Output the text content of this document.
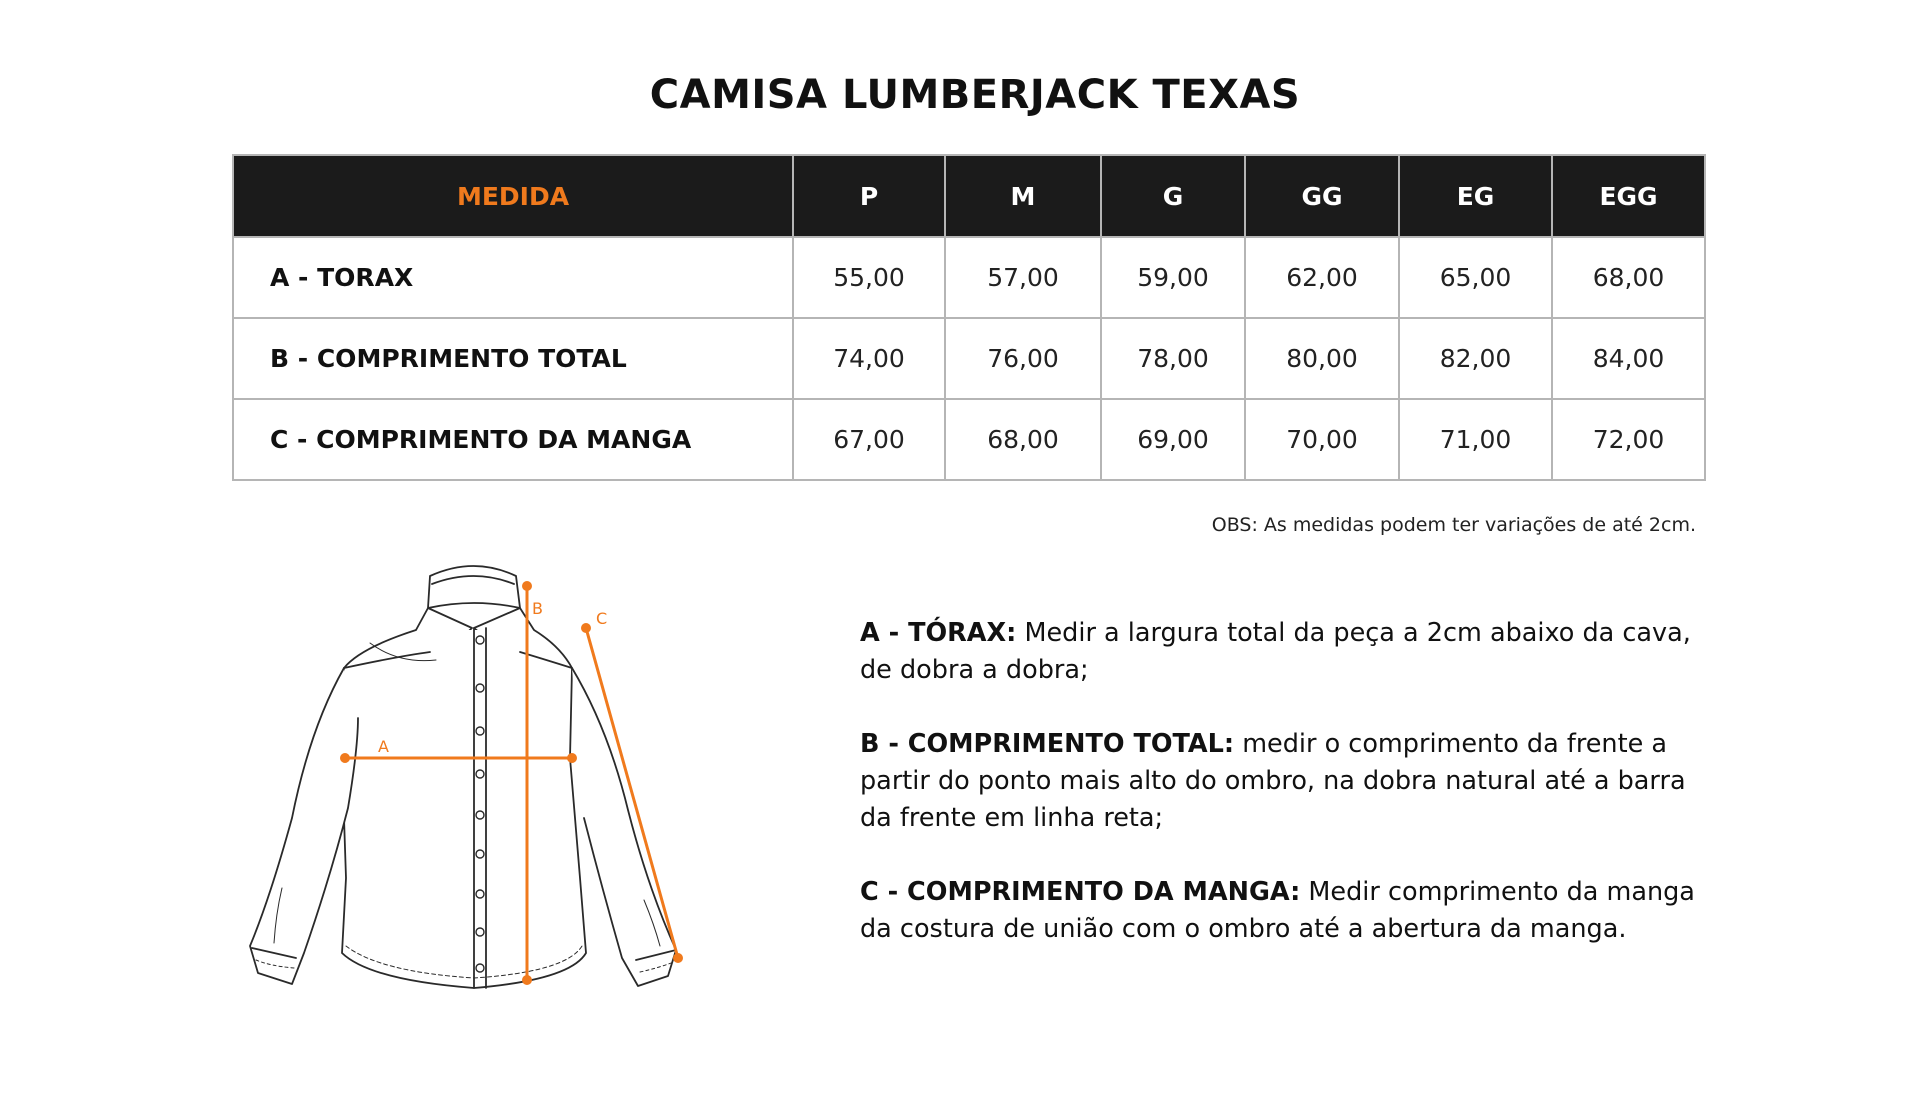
CAMISA LUMBERJACK TEXAS
MEDIDA	P	M	G	GG	EG	EGG
A - TORAX	55,00	57,00	59,00	62,00	65,00	68,00
B - COMPRIMENTO TOTAL	74,00	76,00	78,00	80,00	82,00	84,00
C - COMPRIMENTO DA MANGA	67,00	68,00	69,00	70,00	71,00	72,00
OBS: As medidas podem ter variações de até 2cm.
A
B
C	A - TÓRAX: Medir a largura total da peça a 2cm abaixo da cava, de dobra a dobra;

B - COMPRIMENTO TOTAL: medir o comprimento da frente a partir do ponto mais alto do ombro, na dobra natural até a barra da frente em linha reta;

C - COMPRIMENTO DA MANGA: Medir comprimento da manga da costura de união com o ombro até a abertura da manga.
